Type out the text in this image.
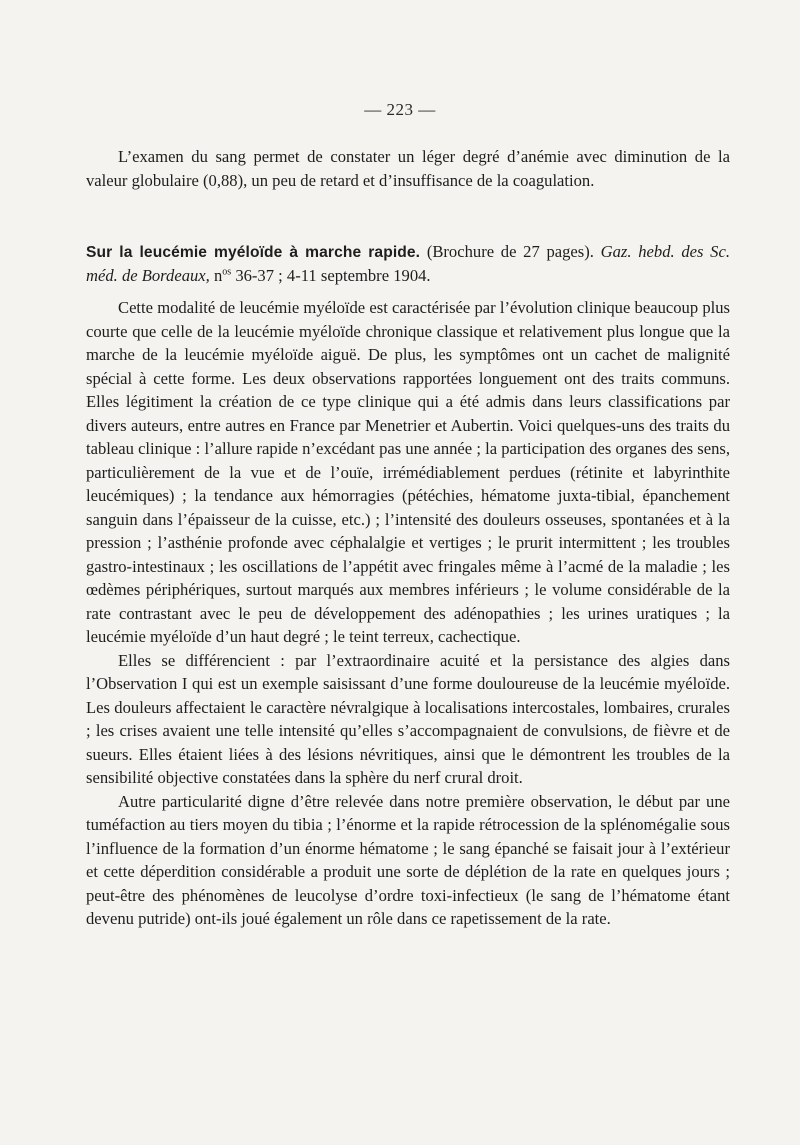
— 223 —

L’examen du sang permet de constater un léger degré d’anémie avec diminution de la valeur globulaire (0,88), un peu de retard et d’insuffisance de la coagulation.

Sur la leucémie myéloïde à marche rapide. (Brochure de 27 pages). Gaz. hebd. des Sc. méd. de Bordeaux, $n^{os}$ 36-37 ; 4-11 septembre 1904.

Cette modalité de leucémie myéloïde est caractérisée par l’évolution clinique beaucoup plus courte que celle de la leucémie myéloïde chronique classique et relativement plus longue que la marche de la leucémie myéloïde aiguë. De plus, les symptômes ont un cachet de malignité spécial à cette forme. Les deux observations rapportées longuement ont des traits communs. Elles légitiment la création de ce type clinique qui a été admis dans leurs classifications par divers auteurs, entre autres en France par Menetrier et Aubertin. Voici quelques-uns des traits du tableau clinique : l’allure rapide n’excédant pas une année ; la participation des organes des sens, particulièrement de la vue et de l’ouïe, irrémédiablement perdues (rétinite et labyrinthite leucémiques) ; la tendance aux hémorragies (pétéchies, hématome juxta-tibial, épanchement sanguin dans l’épaisseur de la cuisse, etc.) ; l’intensité des douleurs osseuses, spontanées et à la pression ; l’asthénie profonde avec céphalalgie et vertiges ; le prurit intermittent ; les troubles gastro-intestinaux ; les oscillations de l’appétit avec fringales même à l’acmé de la maladie ; les œdèmes périphériques, surtout marqués aux membres inférieurs ; le volume considérable de la rate contrastant avec le peu de développement des adénopathies ; les urines uratiques ; la leucémie myéloïde d’un haut degré ; le teint terreux, cachectique.

Elles se différencient : par l’extraordinaire acuité et la persistance des algies dans l’Observation I qui est un exemple saisissant d’une forme douloureuse de la leucémie myéloïde. Les douleurs affectaient le caractère névralgique à localisations intercostales, lombaires, crurales ; les crises avaient une telle intensité qu’elles s’accompagnaient de convulsions, de fièvre et de sueurs. Elles étaient liées à des lésions névritiques, ainsi que le démontrent les troubles de la sensibilité objective constatées dans la sphère du nerf crural droit.

Autre particularité digne d’être relevée dans notre première observation, le début par une tuméfaction au tiers moyen du tibia ; l’énorme et la rapide rétrocession de la splénomégalie sous l’influence de la formation d’un énorme hématome ; le sang épanché se faisait jour à l’extérieur et cette déperdition considérable a produit une sorte de déplétion de la rate en quelques jours ; peut-être des phénomènes de leucolyse d’ordre toxi-infectieux (le sang de l’hématome étant devenu putride) ont-ils joué également un rôle dans ce rapetissement de la rate.
